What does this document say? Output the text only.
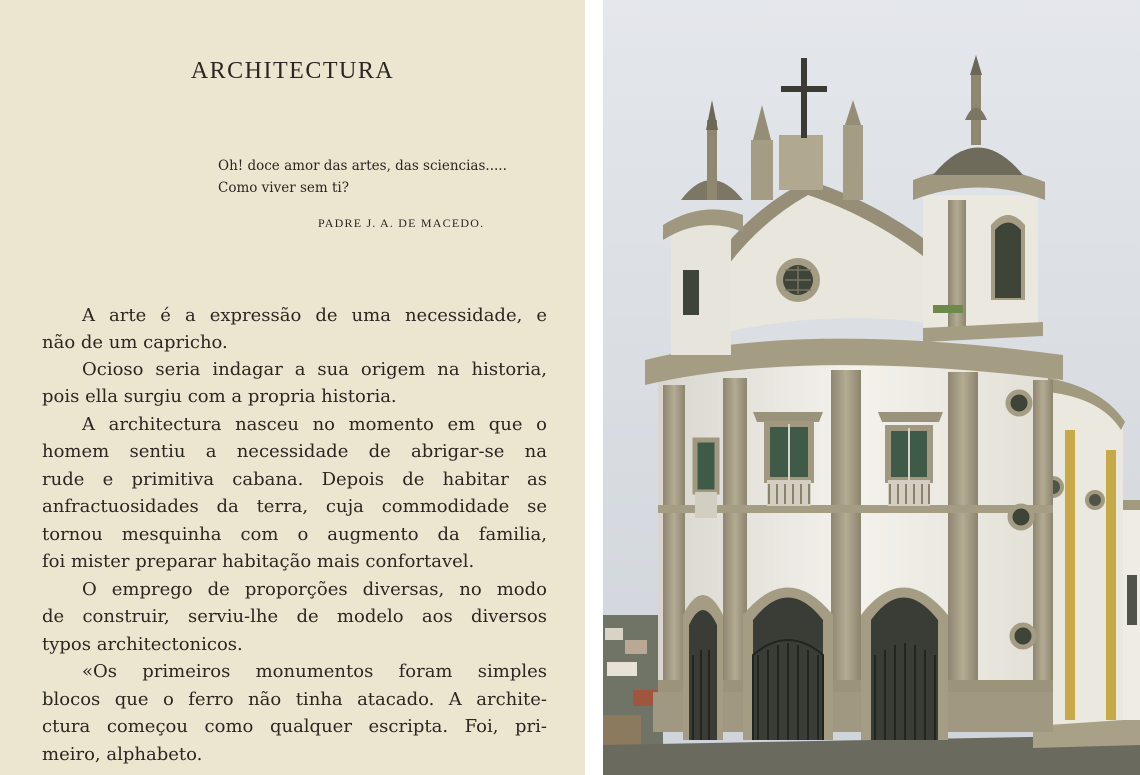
ARCHITECTURA
Oh! doce amor das artes, das sciencias.....
Como viver sem ti?
PADRE J. A. DE MACEDO.
A arte é a expressão de uma necessidade, e
não de um capricho.
Ocioso seria indagar a sua origem na historia,
pois ella surgiu com a propria historia.
A architectura nasceu no momento em que o
homem sentiu a necessidade de abrigar-se na
rude e primitiva cabana. Depois de habitar as
anfractuosidades da terra, cuja commodidade se
tornou mesquinha com o augmento da familia,
foi mister preparar habitação mais confortavel.
O emprego de proporções diversas, no modo
de construir, serviu-lhe de modelo aos diversos
typos architectonicos.
«Os primeiros monumentos foram simples
blocos que o ferro não tinha atacado. A archite-
ctura começou como qualquer escripta. Foi, pri-
meiro, alphabeto.
